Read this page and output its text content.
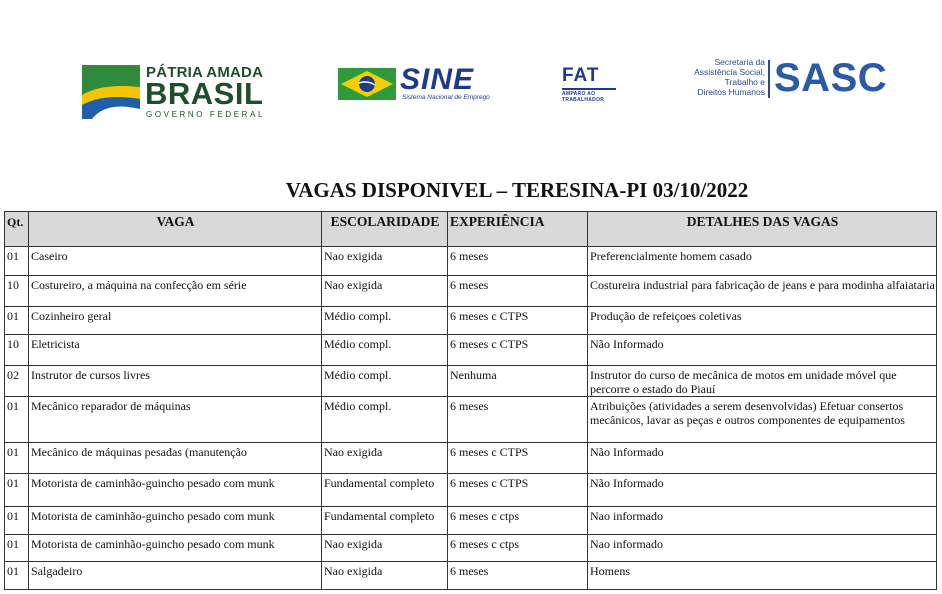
PÁTRIA AMADA
BRASIL
GOVERNO FEDERAL
SINE
Sistema Nacional de Emprego
FAT
AMPARO AO
TRABALHADOR
Secretaria da
Assistência Social,
Trabalho e
Direitos Humanos SASC
VAGAS DISPONIVEL – TERESINA-PI 03/10/2022
Qt.	VAGA	ESCOLARIDADE	EXPERIÊNCIA	DETALHES DAS VAGAS
01	Caseiro	Nao exigida	6 meses	Preferencialmente homem casado
10	Costureiro, a máquina na confecção em série	Nao exigida	6 meses	Costureira industrial para fabricação de jeans e para modinha alfaiataria
01	Cozinheiro geral	Médio compl.	6 meses c CTPS	Produção de refeiçoes coletivas
10	Eletricista	Médio compl.	6 meses c CTPS	Não Informado
02	Instrutor de cursos livres	Médio compl.	Nenhuma	Instrutor do curso de mecânica de motos em unidade móvel que percorre o estado do Piauí
01	Mecânico reparador de máquinas	Médio compl.	6 meses	Atribuições (atividades a serem desenvolvidas) Efetuar consertos mecânicos, lavar as peças e outros componentes de equipamentos
01	Mecânico de máquinas pesadas (manutenção	Nao exigida	6 meses c CTPS	Não Informado
01	Motorista de caminhão-guincho pesado com munk	Fundamental completo	6 meses c CTPS	Não Informado
01	Motorista de caminhão-guincho pesado com munk	Fundamental completo	6 meses c ctps	Nao informado
01	Motorista de caminhão-guincho pesado com munk	Nao exigida	6 meses c ctps	Nao informado
01	Salgadeiro	Nao exigida	6 meses	Homens
